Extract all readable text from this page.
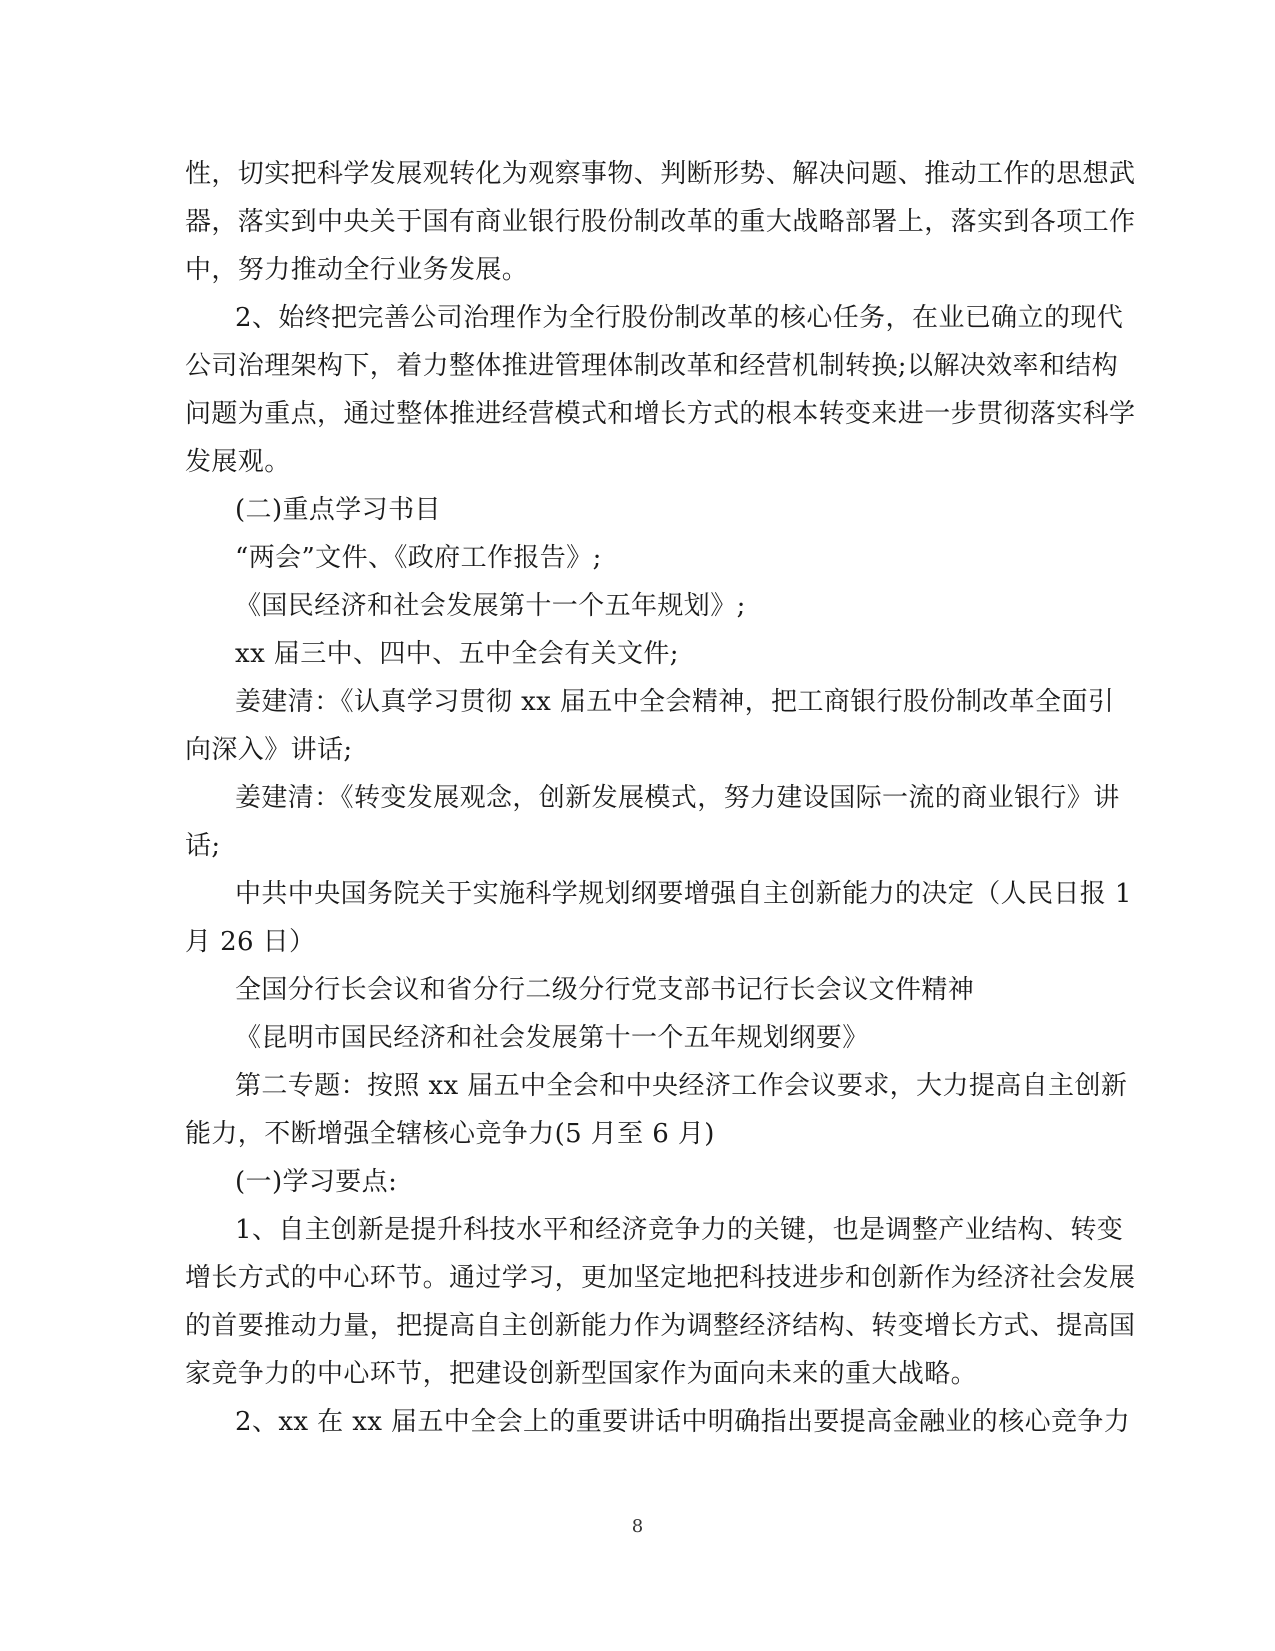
性，切实把科学发展观转化为观察事物、判断形势、解决问题、推动工作的思想武
器，落实到中央关于国有商业银行股份制改革的重大战略部署上，落实到各项工作
中，努力推动全行业务发展。
2、始终把完善公司治理作为全行股份制改革的核心任务，在业已确立的现代
公司治理架构下，着力整体推进管理体制改革和经营机制转换;以解决效率和结构
问题为重点，通过整体推进经营模式和增长方式的根本转变来进一步贯彻落实科学
发展观。
(二)重点学习书目
“两会”文件、《政府工作报告》;
《国民经济和社会发展第十一个五年规划》;
xx 届三中、四中、五中全会有关文件;
姜建清：《认真学习贯彻 xx 届五中全会精神，把工商银行股份制改革全面引
向深入》讲话;
姜建清：《转变发展观念，创新发展模式，努力建设国际一流的商业银行》讲
话;
中共中央国务院关于实施科学规划纲要增强自主创新能力的决定（人民日报 1
月 26 日）
全国分行长会议和省分行二级分行党支部书记行长会议文件精神
《昆明市国民经济和社会发展第十一个五年规划纲要》
第二专题：按照 xx 届五中全会和中央经济工作会议要求，大力提高自主创新
能力，不断增强全辖核心竞争力(5 月至 6 月)
(一)学习要点:
1、自主创新是提升科技水平和经济竞争力的关键，也是调整产业结构、转变
增长方式的中心环节。通过学习，更加坚定地把科技进步和创新作为经济社会发展
的首要推动力量，把提高自主创新能力作为调整经济结构、转变增长方式、提高国
家竞争力的中心环节，把建设创新型国家作为面向未来的重大战略。
2、xx 在 xx 届五中全会上的重要讲话中明确指出要提高金融业的核心竞争力
8
